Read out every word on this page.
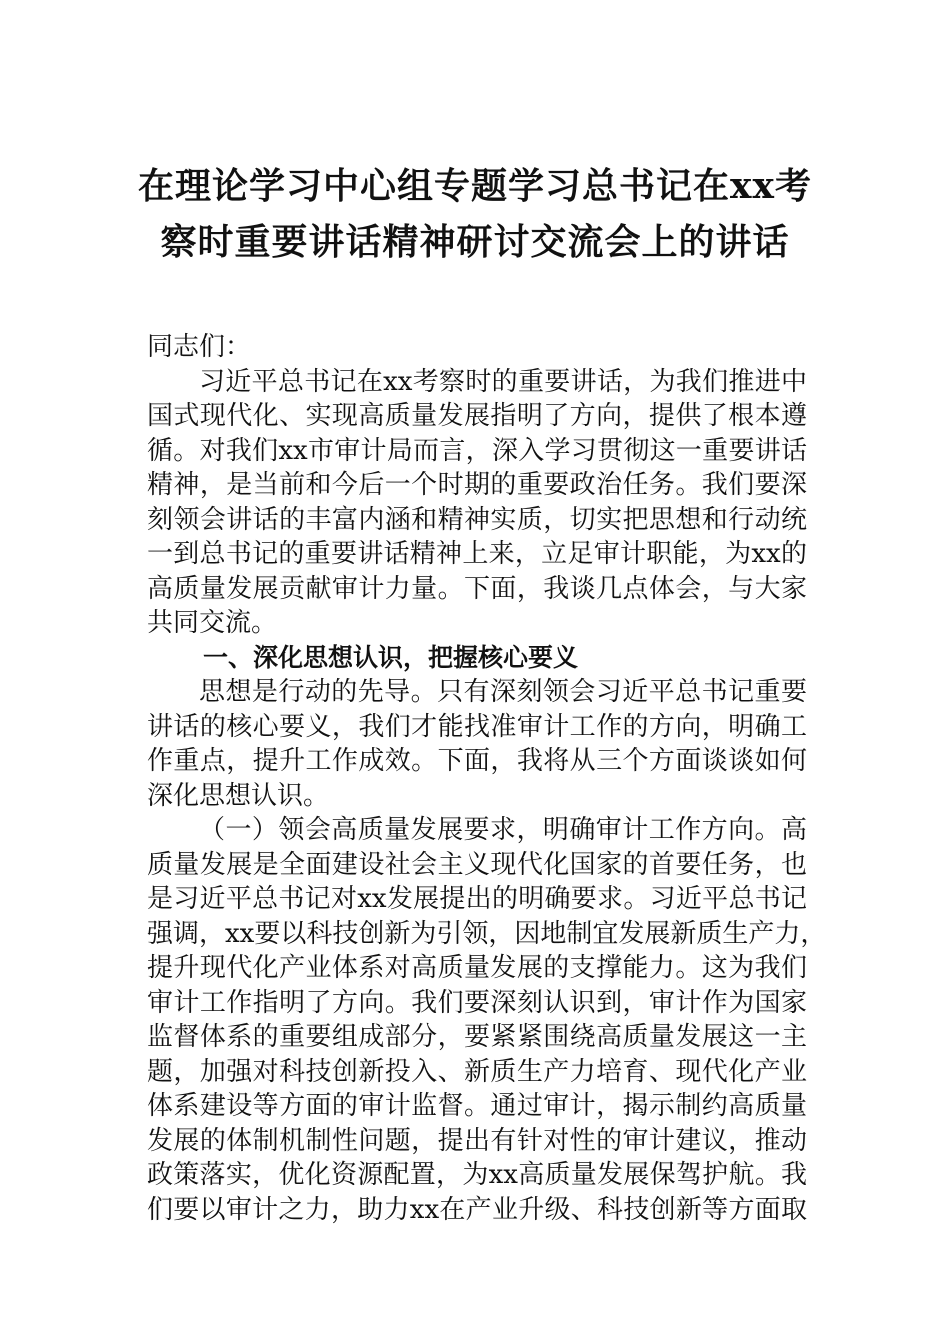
在理论学习中心组专题学习总书记在xx考
察时重要讲话精神研讨交流会上的讲话
同志们：
习近平总书记在xx考察时的重要讲话，为我们推进中
国式现代化、实现高质量发展指明了方向，提供了根本遵
循。对我们xx市审计局而言，深入学习贯彻这一重要讲话
精神，是当前和今后一个时期的重要政治任务。我们要深
刻领会讲话的丰富内涵和精神实质，切实把思想和行动统
一到总书记的重要讲话精神上来，立足审计职能，为xx的
高质量发展贡献审计力量。下面，我谈几点体会，与大家
共同交流。
一、深化思想认识，把握核心要义
思想是行动的先导。只有深刻领会习近平总书记重要
讲话的核心要义，我们才能找准审计工作的方向，明确工
作重点，提升工作成效。下面，我将从三个方面谈谈如何
深化思想认识。
（一）领会高质量发展要求，明确审计工作方向。高
质量发展是全面建设社会主义现代化国家的首要任务，也
是习近平总书记对xx发展提出的明确要求。习近平总书记
强调，xx要以科技创新为引领，因地制宜发展新质生产力，
提升现代化产业体系对高质量发展的支撑能力。这为我们
审计工作指明了方向。我们要深刻认识到，审计作为国家
监督体系的重要组成部分，要紧紧围绕高质量发展这一主
题，加强对科技创新投入、新质生产力培育、现代化产业
体系建设等方面的审计监督。通过审计，揭示制约高质量
发展的体制机制性问题，提出有针对性的审计建议，推动
政策落实，优化资源配置，为xx高质量发展保驾护航。我
们要以审计之力，助力xx在产业升级、科技创新等方面取
